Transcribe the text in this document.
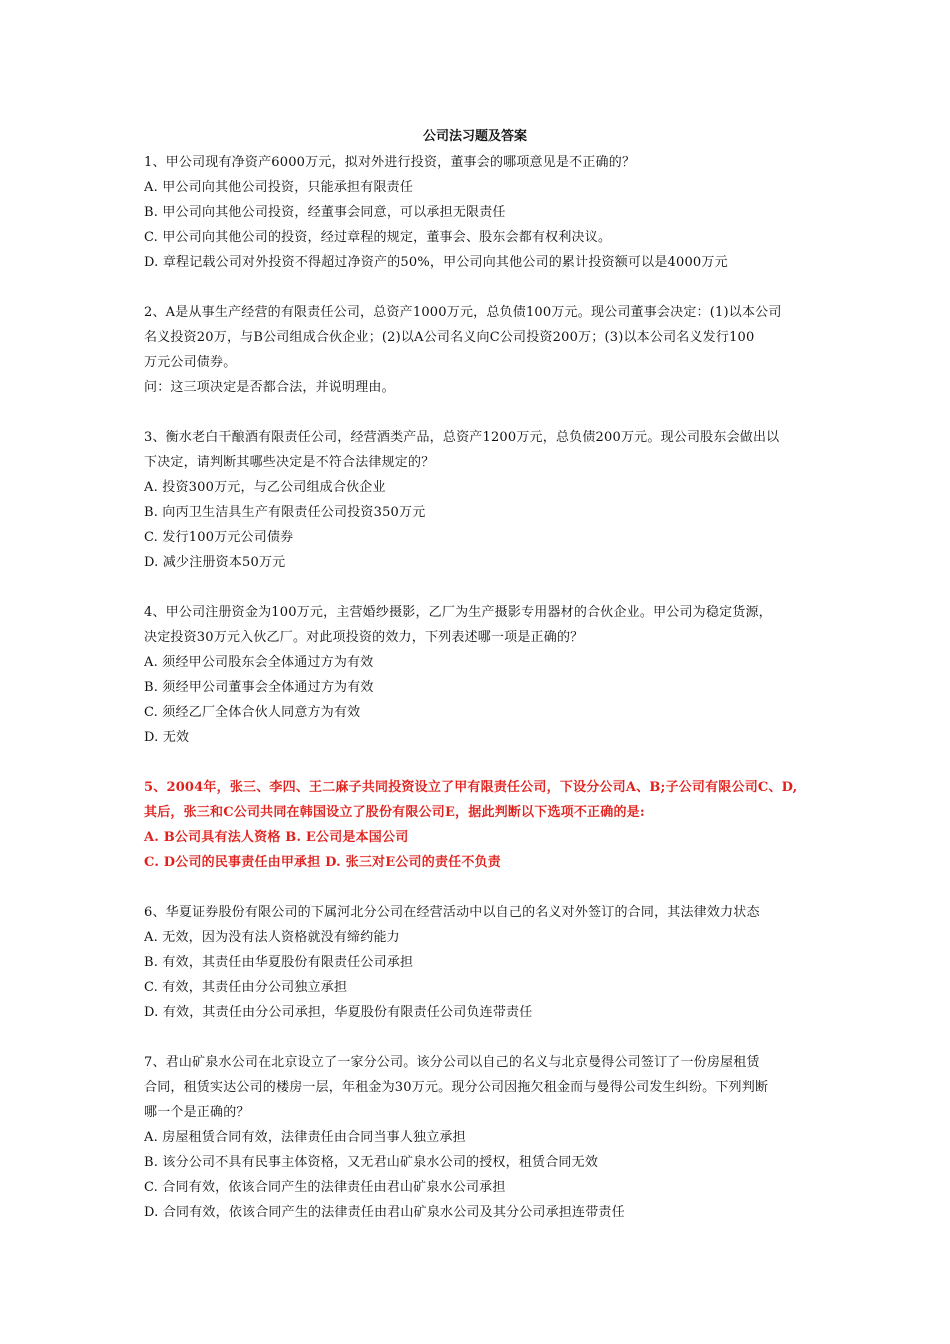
公司法习题及答案
1、甲公司现有净资产6000万元，拟对外进行投资，董事会的哪项意见是不正确的？
A. 甲公司向其他公司投资，只能承担有限责任
B. 甲公司向其他公司投资，经董事会同意，可以承担无限责任
C. 甲公司向其他公司的投资，经过章程的规定，董事会、股东会都有权利决议。
D. 章程记载公司对外投资不得超过净资产的50%，甲公司向其他公司的累计投资额可以是4000万元
2、A是从事生产经营的有限责任公司，总资产1000万元，总负债100万元。现公司董事会决定：(1)以本公司
名义投资20万，与B公司组成合伙企业；(2)以A公司名义向C公司投资200万；(3)以本公司名义发行100
万元公司债券。
问：这三项决定是否都合法，并说明理由。
3、衡水老白干酿酒有限责任公司，经营酒类产品，总资产1200万元，总负债200万元。现公司股东会做出以
下决定，请判断其哪些决定是不符合法律规定的？
A. 投资300万元，与乙公司组成合伙企业
B. 向丙卫生洁具生产有限责任公司投资350万元
C. 发行100万元公司债券
D. 减少注册资本50万元
4、甲公司注册资金为100万元，主营婚纱摄影，乙厂为生产摄影专用器材的合伙企业。甲公司为稳定货源，
决定投资30万元入伙乙厂。对此项投资的效力，下列表述哪一项是正确的？
A. 须经甲公司股东会全体通过方为有效
B. 须经甲公司董事会全体通过方为有效
C. 须经乙厂全体合伙人同意方为有效
D. 无效
5、2004年，张三、李四、王二麻子共同投资设立了甲有限责任公司，下设分公司A、B;子公司有限公司C、D,
其后，张三和C公司共同在韩国设立了股份有限公司E，据此判断以下选项不正确的是:
A. B公司具有法人资格 B. E公司是本国公司
C. D公司的民事责任由甲承担 D. 张三对E公司的责任不负责
6、华夏证券股份有限公司的下属河北分公司在经营活动中以自己的名义对外签订的合同，其法律效力状态
A. 无效，因为没有法人资格就没有缔约能力
B. 有效，其责任由华夏股份有限责任公司承担
C. 有效，其责任由分公司独立承担
D. 有效，其责任由分公司承担，华夏股份有限责任公司负连带责任
7、君山矿泉水公司在北京设立了一家分公司。该分公司以自己的名义与北京曼得公司签订了一份房屋租赁
合同，租赁实达公司的楼房一层，年租金为30万元。现分公司因拖欠租金而与曼得公司发生纠纷。下列判断
哪一个是正确的？
A. 房屋租赁合同有效，法律责任由合同当事人独立承担
B. 该分公司不具有民事主体资格，又无君山矿泉水公司的授权，租赁合同无效
C. 合同有效，依该合同产生的法律责任由君山矿泉水公司承担
D. 合同有效，依该合同产生的法律责任由君山矿泉水公司及其分公司承担连带责任
